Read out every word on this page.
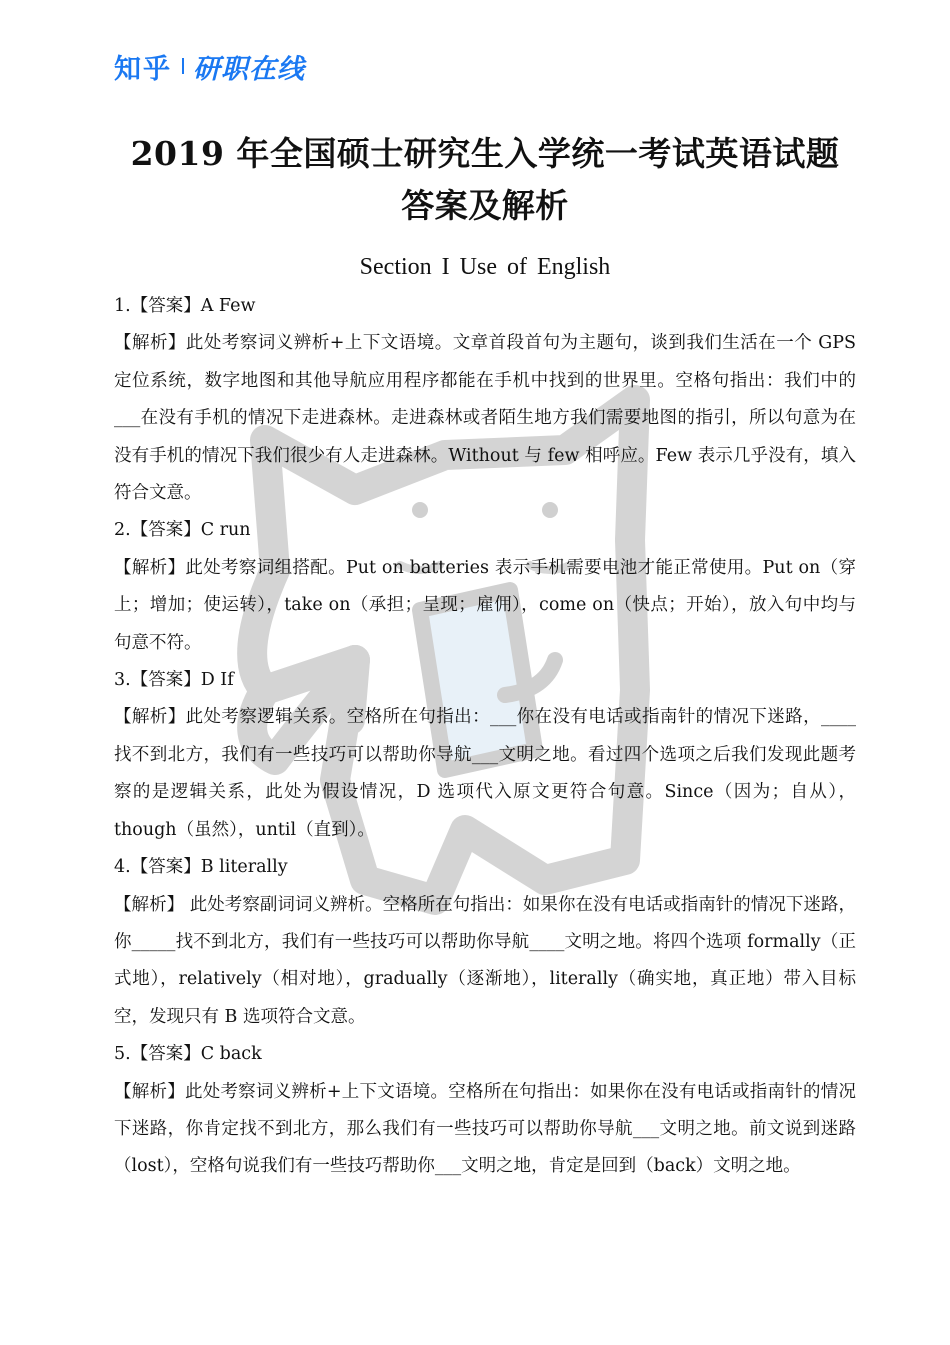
知乎 研职在线
2019 年全国硕士研究生入学统一考试英语试题
答案及解析
Section I Use of English
1.【答案】A Few

【解析】此处考察词义辨析+上下文语境。文章首段首句为主题句，谈到我们生活在一个 GPS 定位系统，数字地图和其他导航应用程序都能在手机中找到的世界里。空格句指出：我们中的___在没有手机的情况下走进森林。走进森林或者陌生地方我们需要地图的指引，所以句意为在没有手机的情况下我们很少有人走进森林。Without 与 few 相呼应。Few 表示几乎没有，填入符合文意。

2.【答案】C run

【解析】此处考察词组搭配。Put on batteries 表示手机需要电池才能正常使用。Put on（穿上；增加；使运转），take on（承担；呈现；雇佣），come on（快点；开始），放入句中均与句意不符。

3.【答案】D If

【解析】此处考察逻辑关系。空格所在句指出：___你在没有电话或指南针的情况下迷路，____找不到北方，我们有一些技巧可以帮助你导航___文明之地。看过四个选项之后我们发现此题考察的是逻辑关系，此处为假设情况，D 选项代入原文更符合句意。Since（因为；自从），though（虽然），until（直到）。

4.【答案】B literally

【解析】 此处考察副词词义辨析。空格所在句指出：如果你在没有电话或指南针的情况下迷路，你_____找不到北方，我们有一些技巧可以帮助你导航____文明之地。将四个选项 formally（正式地），relatively（相对地），gradually（逐渐地），literally（确实地，真正地）带入目标空，发现只有 B 选项符合文意。

5.【答案】C back

【解析】此处考察词义辨析+上下文语境。空格所在句指出：如果你在没有电话或指南针的情况下迷路，你肯定找不到北方，那么我们有一些技巧可以帮助你导航___文明之地。前文说到迷路（lost），空格句说我们有一些技巧帮助你___文明之地，肯定是回到（back）文明之地。
